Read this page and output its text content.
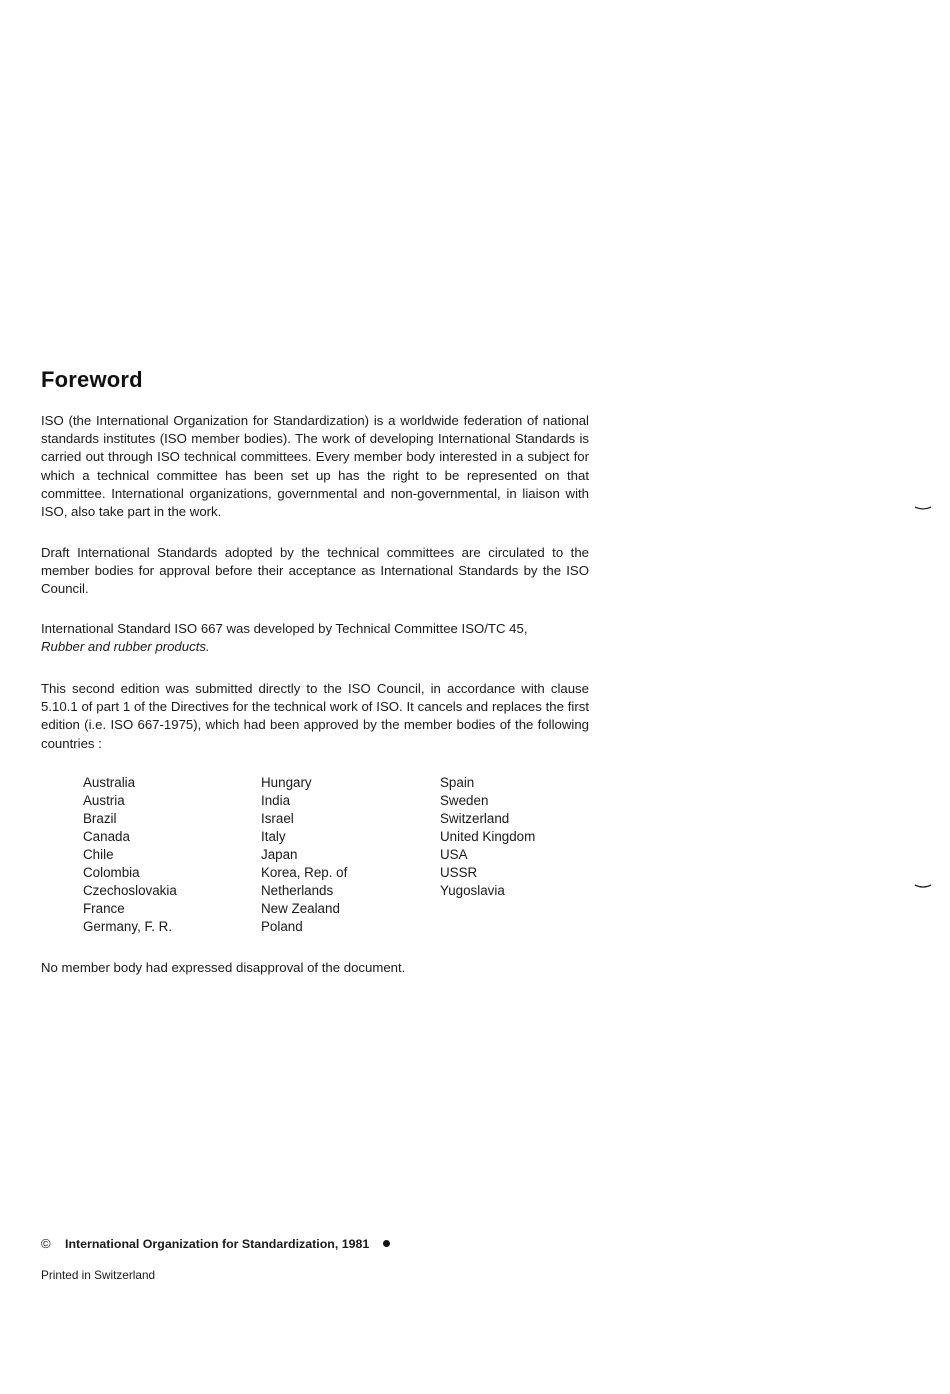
Foreword

ISO (the International Organization for Standardization) is a worldwide federation of national standards institutes (ISO member bodies). The work of developing International Standards is carried out through ISO technical committees. Every member body interested in a subject for which a technical committee has been set up has the right to be represented on that committee. International organizations, governmental and non-governmental, in liaison with ISO, also take part in the work.

Draft International Standards adopted by the technical committees are circulated to the member bodies for approval before their acceptance as International Standards by the ISO Council.

International Standard ISO 667 was developed by Technical Committee ISO/TC 45,
Rubber and rubber products.

This second edition was submitted directly to the ISO Council, in accordance with clause 5.10.1 of part 1 of the Directives for the technical work of ISO. It cancels and replaces the first edition (i.e. ISO 667-1975), which had been approved by the member bodies of the following countries :

Australia
Austria
Brazil
Canada
Chile
Colombia
Czechoslovakia
France
Germany, F. R.
Hungary
India
Israel
Italy
Japan
Korea, Rep. of
Netherlands
New Zealand
Poland
Spain
Sweden
Switzerland
United Kingdom
USA
USSR
Yugoslavia

No member body had expressed disapproval of the document.

© International Organization for Standardization, 1981
Printed in Switzerland
